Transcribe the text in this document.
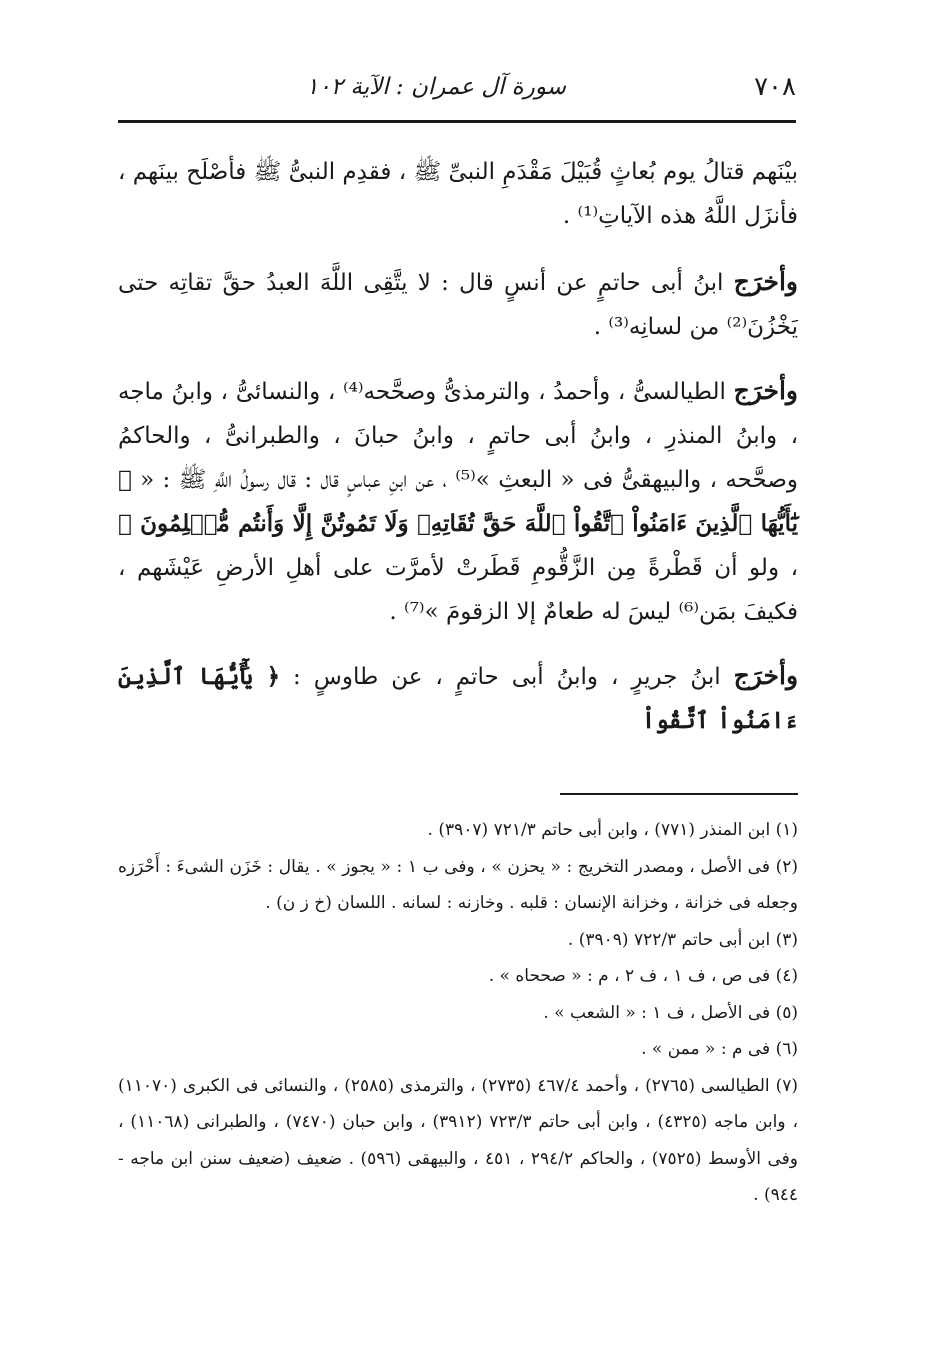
٧٠٨
سورة آل عمران : الآية ١٠٢

بيْنَهم قتالُ يوم بُعاثٍ قُبَيْلَ مَقْدَمِ النبىِّ ﷺ ، فقدِم النبىُّ ﷺ فأصْلَح بينَهم ، فأنزَل اللَّهُ هذه الآياتِ⁽¹⁾ .

وأخرَج ابنُ أبى حاتمٍ عن أنسٍ قال : لا يتَّقِى اللَّهَ العبدُ حقَّ تقاتِه حتى يَخْزُنَ⁽²⁾ من لسانِه⁽³⁾ .

وأخرَج الطيالسىُّ ، وأحمدُ ، والترمذىُّ وصحَّحه⁽⁴⁾ ، والنسائىُّ ، وابنُ ماجه ، وابنُ المنذرِ ، وابنُ أبى حاتمٍ ، وابنُ حبانَ ، والطبرانىُّ ، والحاكمُ وصحَّحه ، والبيهقىُّ فى « البعثِ »⁽⁵⁾ ، عن ابنِ عباسٍ قال : قال رسولُ اللَّهِ ﷺ : « ﴿ يَٰٓأَيُّهَا ٱلَّذِينَ ءَامَنُواْ ٱتَّقُواْ ٱللَّهَ حَقَّ تُقَاتِهِۦ وَلَا تَمُوتُنَّ إِلَّا وَأَنتُم مُّسۡلِمُونَ ﴾ ، ولو أن قَطْرةً مِن الزَّقُّومِ قَطَرتْ لأمرَّت على أهلِ الأرضِ عَيْشَهم ، فكيفَ بمَن⁽⁶⁾ ليسَ له طعامٌ إلا الزقومَ »⁽⁷⁾ .

وأخرَج ابنُ جريرٍ ، وابنُ أبى حاتمٍ ، عن طاوسٍ : ﴿ يَٰٓأَيُّهَا ٱلَّذِينَ ءَامَنُواْ ٱتَّقُواْ

(١) ابن المنذر (٧٧١) ، وابن أبى حاتم ٧٢١/٣ (٣٩٠٧) .
(٢) فى الأصل ، ومصدر التخريج : « يحزن » ، وفى ب ١ : « يجوز » . يقال : خَزَن الشىءَ : أَحْرَزه وجعله فى خزانة ، وخزانة الإنسان : قلبه . وخازنه : لسانه . اللسان (خ ز ن) .
(٣) ابن أبى حاتم ٧٢٢/٣ (٣٩٠٩) .
(٤) فى ص ، ف ١ ، ف ٢ ، م : « صححاه » .
(٥) فى الأصل ، ف ١ : « الشعب » .
(٦) فى م : « ممن » .
(٧) الطيالسى (٢٧٦٥) ، وأحمد ٤٦٧/٤ (٢٧٣٥) ، والترمذى (٢٥٨٥) ، والنسائى فى الكبرى (١١٠٧٠) ، وابن ماجه (٤٣٢٥) ، وابن أبى حاتم ٧٢٣/٣ (٣٩١٢) ، وابن حبان (٧٤٧٠) ، والطبرانى (١١٠٦٨) ، وفى الأوسط (٧٥٢٥) ، والحاكم ٢٩٤/٢ ، ٤٥١ ، والبيهقى (٥٩٦) . ضعيف (ضعيف سنن ابن ماجه - ٩٤٤) .
